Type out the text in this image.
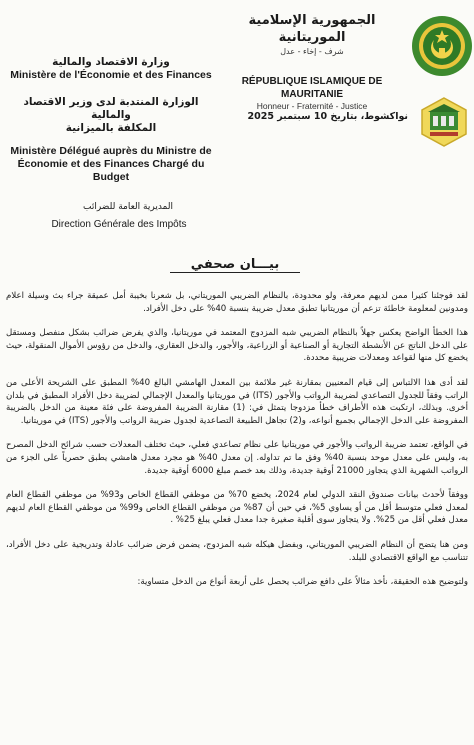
وزارة الاقتصاد والمالية
Ministère de l'Économie et des Finances
الوزارة المنتدبة لدى وزير الاقتصاد والمالية
المكلفة بالميزانية
Ministère Délégué auprès du Ministre de
Économie et des Finances Chargé du Budget
الجمهورية الإسلامية الموريتانية
شرف - إخاء - عدل
RÉPUBLIQUE ISLAMIQUE DE MAURITANIE
Honneur - Fraternité - Justice
نواكشوط، بتاريخ 10 سبتمبر 2025
المديرية العامة للضرائب
Direction Générale des Impôts
بيـــان صحفي

لقد فوجئنا كثيرا ممن لديهم معرفة، ولو محدودة، بالنظام الضريبي الموريتاني، بل شعرنا بخيبة أمل عميقة جراء بث وسيلة اعلام ومدونين لمعلومة خاطئة تزعم أن موريتانيا تطبق معدل ضريبة بنسبة 40% على دخل الأفراد.

هذا الخطأ الواضح يعكس جهلاً بالنظام الضريبي شبه المزدوج المعتمد في موريتانيا، والذي يفرض ضرائب بشكل منفصل ومستقل على الدخل الناتج عن الأنشطة التجارية أو الصناعية أو الزراعية، والأجور، والدخل العقاري، والدخل من رؤوس الأموال المنقولة، حيث يخضع كل منها لقواعد ومعدلات ضريبية محددة.

لقد أدى هذا الالتباس إلى قيام المعنيين بمقارنة غير ملائمة بين المعدل الهامشي البالغ 40% المطبق على الشريحة الأعلى من الراتب وفقاً للجدول التصاعدي لضريبة الرواتب والأجور (ITS) في موريتانيا والمعدل الإجمالي لضريبة دخل الأفراد المطبق في بلدان أخرى. وبذلك، ارتكبت هذه الأطراف خطأ مزدوجا يتمثل في: (1) مقارنة الضريبة المفروضة على فئة معينة من الدخل بالضريبة المفروضة على الدخل الإجمالي بجميع أنواعه، و(2) تجاهل الطبيعة التصاعدية لجدول ضريبة الرواتب والأجور (ITS) في موريتانيا.

في الواقع، تعتمد ضريبة الرواتب والأجور في موريتانيا على نظام تصاعدي فعلي، حيث تختلف المعدلات حسب شرائح الدخل المصرح به، وليس على معدل موحد بنسبة 40% وفق ما تم تداوله. إن معدل 40% هو مجرد معدل هامشي يطبق حصرياً على الجزء من الرواتب الشهرية الذي يتجاوز 21000 أوقية جديدة، وذلك بعد خصم مبلغ 6000 أوقية جديدة.

ووفقاً لأحدث بيانات صندوق النقد الدولي لعام 2024، يخضع 70% من موظفي القطاع الخاص و93% من موظفي القطاع العام لمعدل فعلي متوسط أقل من أو يساوي 5%، في حين أن 87% من موظفي القطاع الخاص و99% من موظفي القطاع العام لديهم معدل فعلي أقل من 25%. ولا يتجاوز سوى أقلية صغيرة جدا معدل فعلي يبلغ 25% .

ومن هنا يتضح أن النظام الضريبي الموريتاني، وبفضل هيكله شبه المزدوج، يضمن فرض ضرائب عادلة وتدريجية على دخل الأفراد، تتناسب مع الواقع الاقتصادي للبلد.

ولتوضيح هذه الحقيقة، نأخذ مثالاً على دافع ضرائب يحصل على أربعة أنواع من الدخل متساوية:
